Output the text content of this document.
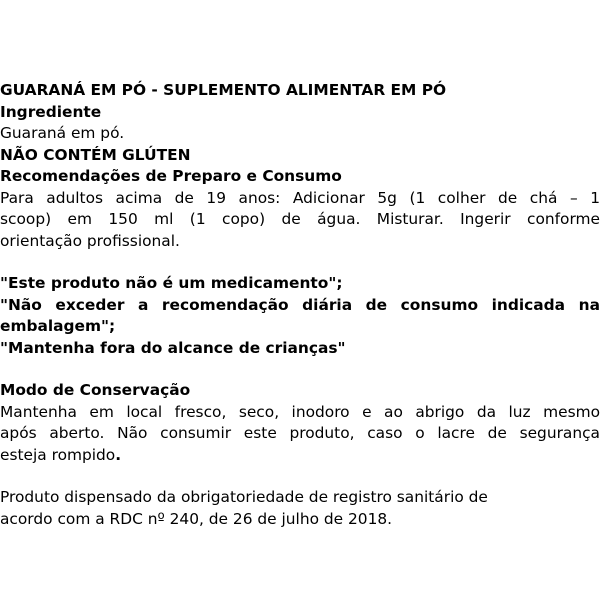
GUARANÁ EM PÓ - SUPLEMENTO ALIMENTAR EM PÓ

Ingrediente

Guaraná em pó.

NÃO CONTÉM GLÚTEN

Recomendações de Preparo e Consumo

Para adultos acima de 19 anos: Adicionar 5g (1 colher de chá – 1

scoop) em 150 ml (1 copo) de água. Misturar. Ingerir conforme

orientação profissional.

"Este produto não é um medicamento";

"Não exceder a recomendação diária de consumo indicada na

embalagem";

"Mantenha fora do alcance de crianças"

Modo de Conservação

Mantenha em local fresco, seco, inodoro e ao abrigo da luz mesmo

após aberto. Não consumir este produto, caso o lacre de segurança

esteja rompido.

Produto dispensado da obrigatoriedade de registro sanitário de

acordo com a RDC nº 240, de 26 de julho de 2018.
